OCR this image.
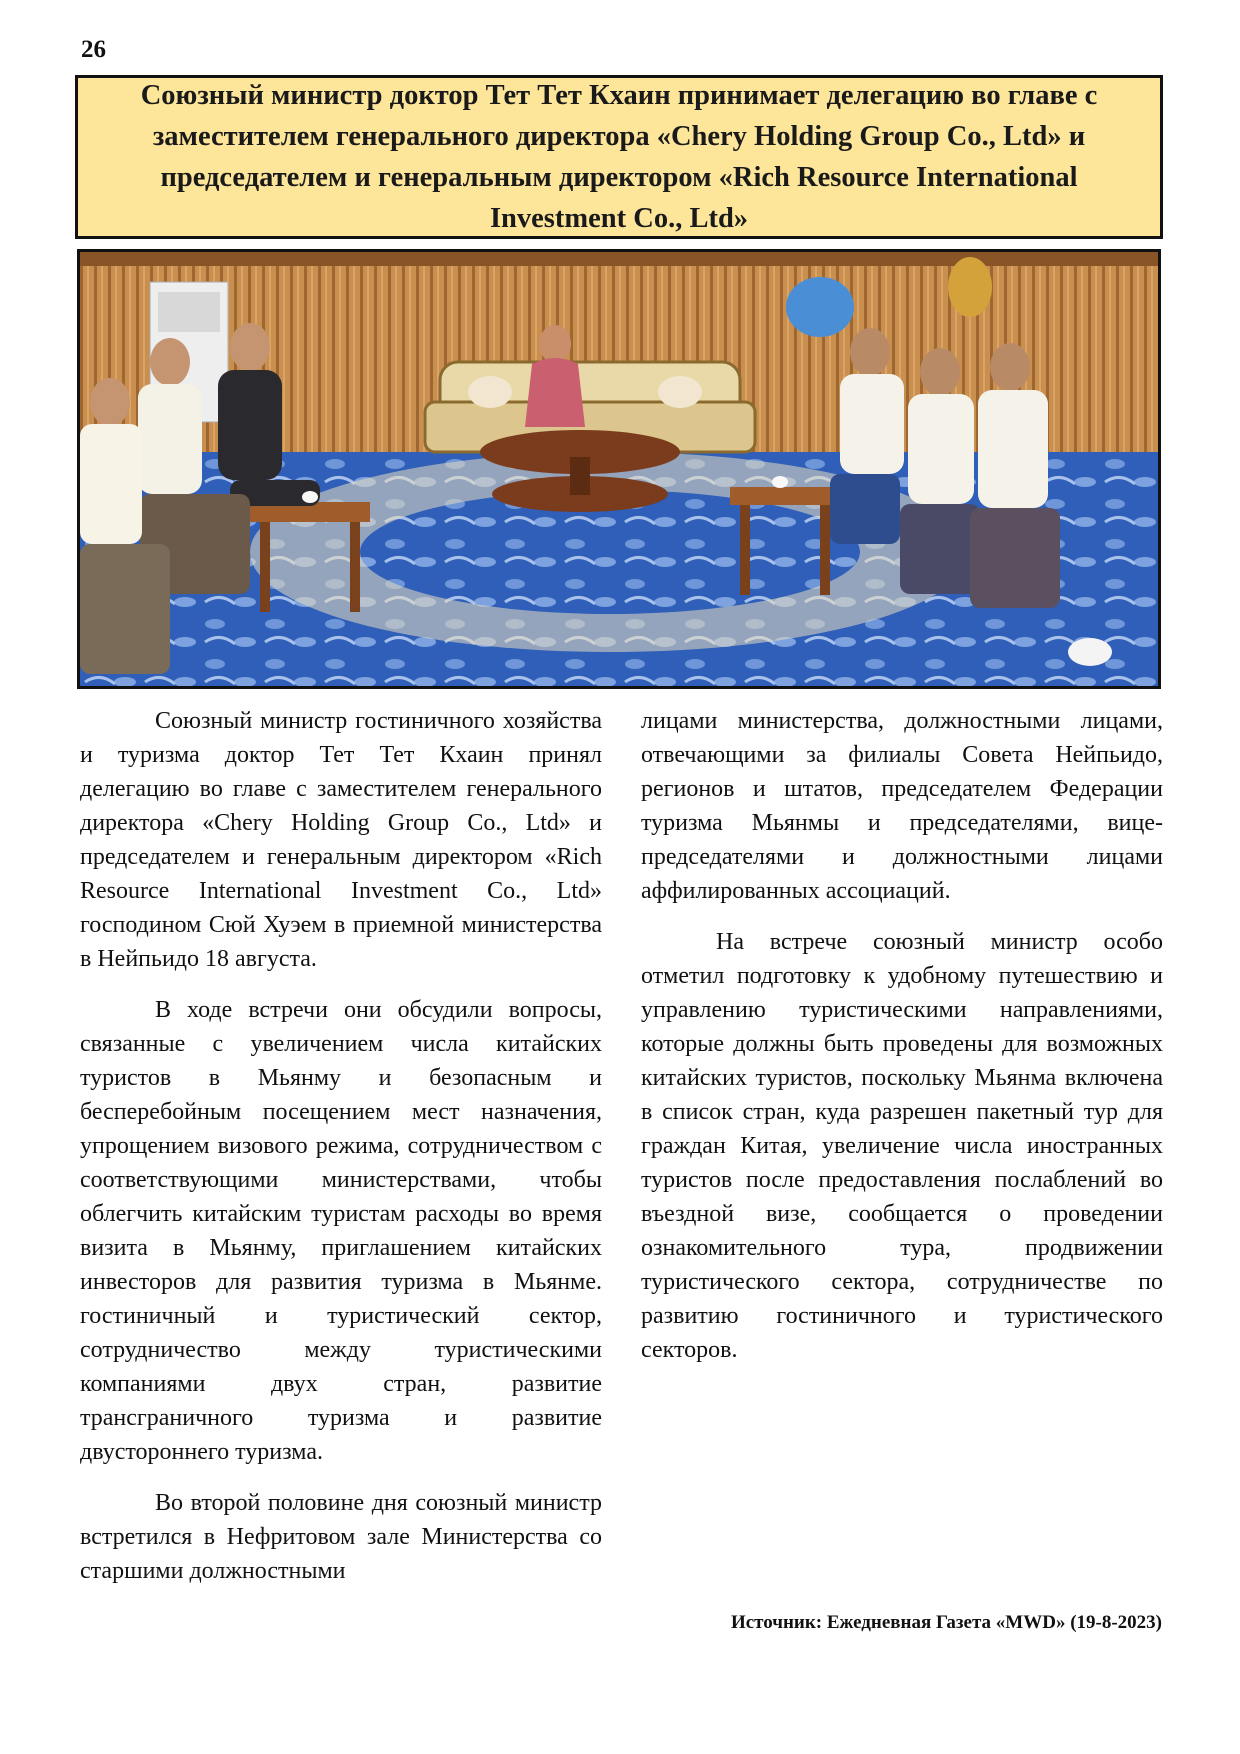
26
Союзный министр доктор Тет Тет Кхаин принимает делегацию во главе с заместителем генерального директора «Chery Holding Group Co., Ltd» и председателем и генеральным директором «Rich Resource International Investment Co., Ltd»

Союзный министр гостиничного хозяйства и туризма доктор Тет Тет Кхаин принял делегацию во главе с заместителем генерального директора «Chery Holding Group Co., Ltd» и председателем и генеральным директором «Rich Resource International Investment Co., Ltd» господином Сюй Хуэем в приемной министерства в Нейпьидо 18 августа.

В ходе встречи они обсудили вопросы, связанные с увеличением числа китайских туристов в Мьянму и безопасным и бесперебойным посещением мест назначения, упрощением визового режима, сотрудничеством с соответствующими министерствами, чтобы облегчить китайским туристам расходы во время визита в Мьянму, приглашением китайских инвесторов для развития туризма в Мьянме. гостиничный и туристический сектор, сотрудничество между туристическими компаниями двух стран, развитие трансграничного туризма и развитие двустороннего туризма.

Во второй половине дня союзный министр встретился в Нефритовом зале Министерства со старшими должностными

лицами министерства, должностными лицами, отвечающими за филиалы Совета Нейпьидо, регионов и штатов, председателем Федерации туризма Мьянмы и председателями, вице-председателями и должностными лицами аффилированных ассоциаций.

На встрече союзный министр особо отметил подготовку к удобному путешествию и управлению туристическими направлениями, которые должны быть проведены для возможных китайских туристов, поскольку Мьянма включена в список стран, куда разрешен пакетный тур для граждан Китая, увеличение числа иностранных туристов после предоставления послаблений во въездной визе, сообщается о проведении ознакомительного тура, продвижении туристического сектора, сотрудничестве по развитию гостиничного и туристического секторов.

Источник: Ежедневная Газета «MWD» (19-8-2023)
